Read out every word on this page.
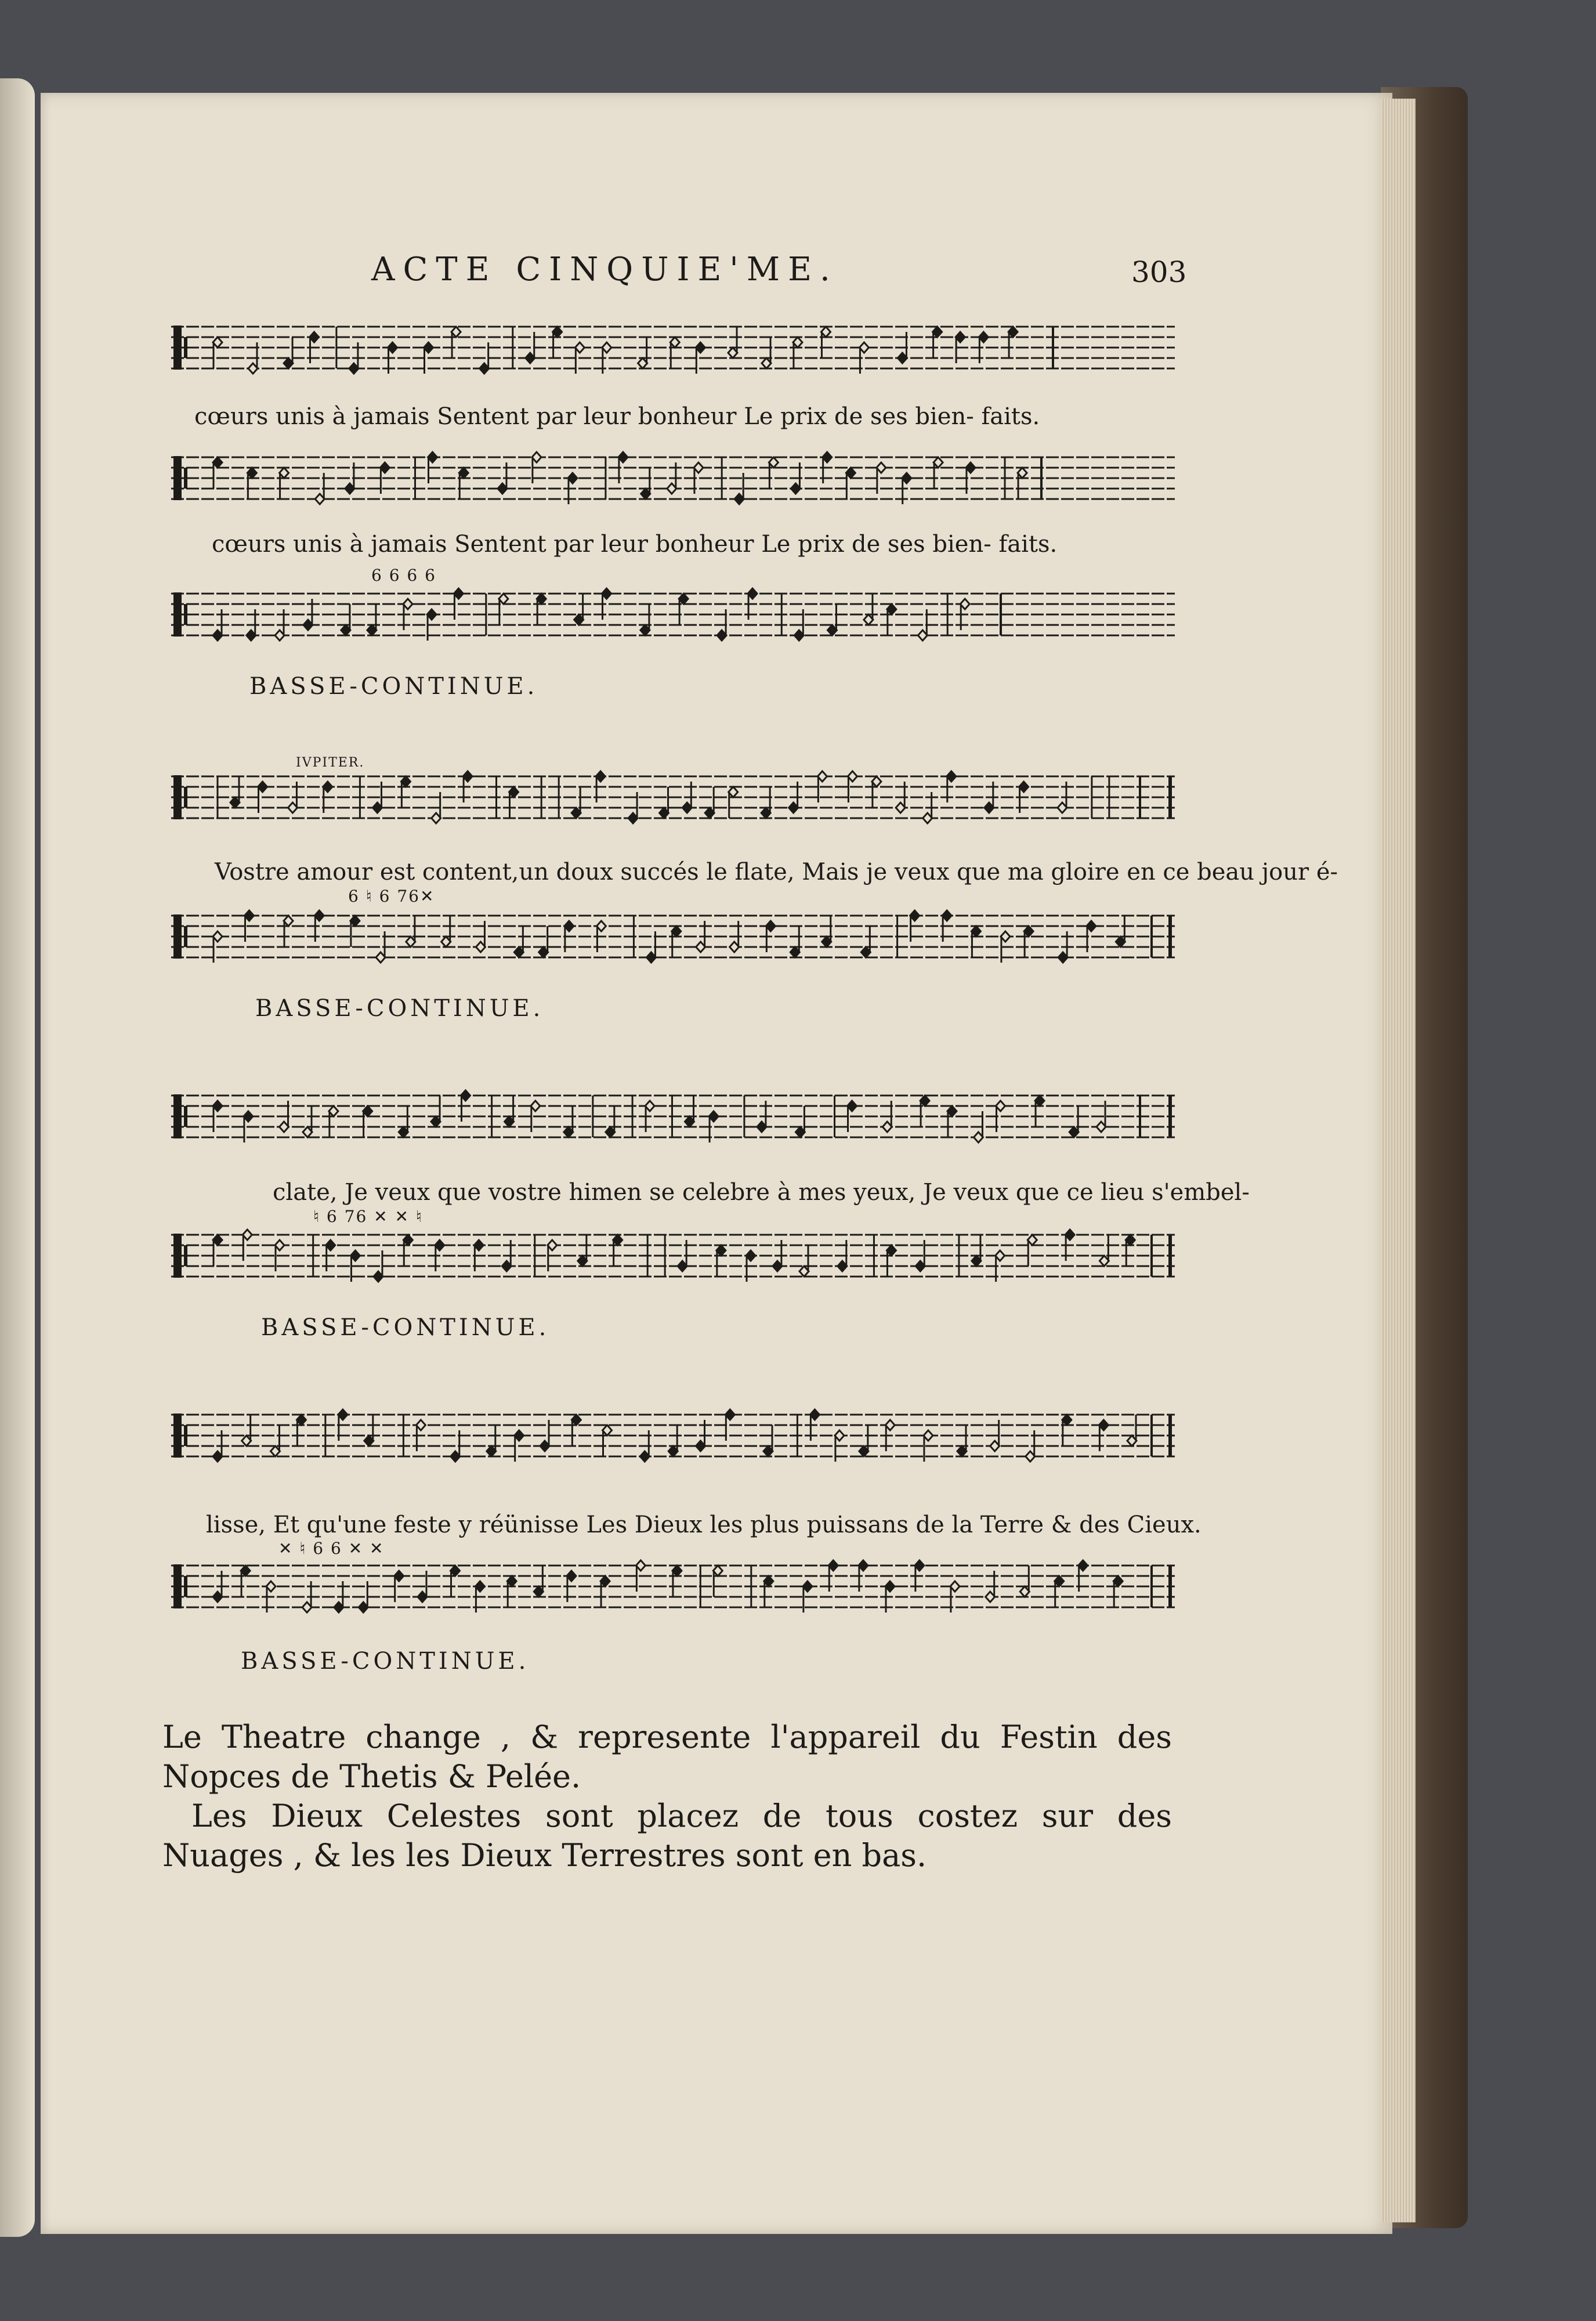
ACTE CINQUIE'ME.	303
cœurs unis à jamais Sentent par leur bonheur Le prix de ses bien- faits.
cœurs unis à jamais Sentent par leur bonheur Le prix de ses bien- faits.
6 6 6 6
BASSE-CONTINUE.
IVPITER.
Vostre amour est content,un doux succés le flate, Mais je veux que ma gloire en ce beau jour é-
6 ♮ 6 76✕
BASSE-CONTINUE.
clate, Je veux que vostre himen se celebre à mes yeux, Je veux que ce lieu s'embel-
♮ 6 76 ✕ ✕ ♮
BASSE-CONTINUE.
lisse, Et qu'une feste y réünisse Les Dieux les plus puissans de la Terre & des Cieux.
✕ ♮ 6 6 ✕ ✕
BASSE-CONTINUE.

Le Theatre change , & represente l'appareil du Festin des Nopces de Thetis & Pelée.

Les Dieux Celestes sont placez de tous costez sur des Nuages , & les les Dieux Terrestres sont en bas.
